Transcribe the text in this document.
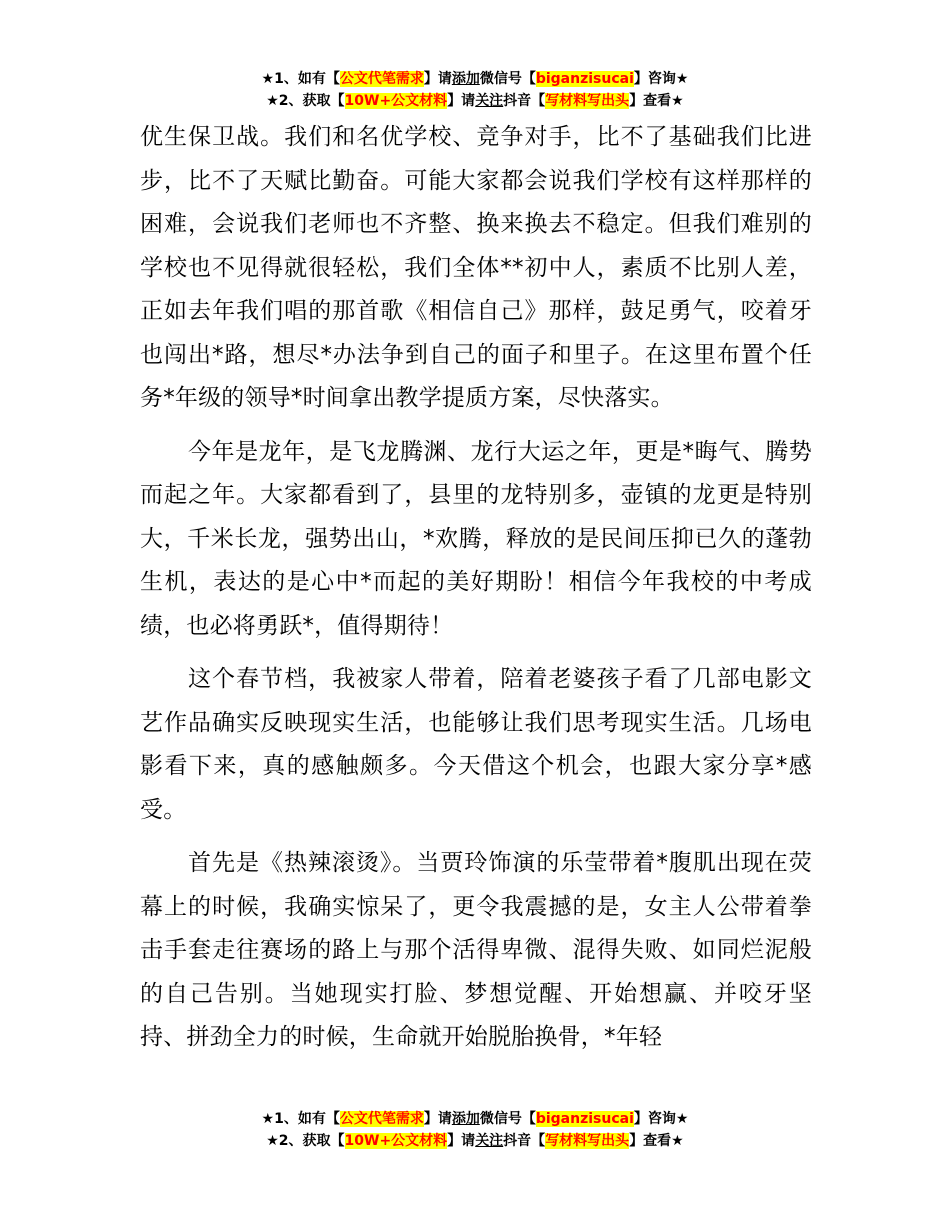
★1、如有【公文代笔需求】请添加微信号【biganzisucai】咨询★
★2、获取【10W+公文材料】请关注抖音【写材料写出头】查看★

优生保卫战。我们和名优学校、竞争对手，比不了基础我们比进步，比不了天赋比勤奋。可能大家都会说我们学校有这样那样的困难，会说我们老师也不齐整、换来换去不稳定。但我们难别的学校也不见得就很轻松，我们全体**初中人，素质不比别人差，正如去年我们唱的那首歌《相信自己》那样，鼓足勇气，咬着牙也闯出*路，想尽*办法争到自己的面子和里子。在这里布置个任务*年级的领导*时间拿出教学提质方案，尽快落实。

今年是龙年，是飞龙腾渊、龙行大运之年，更是*晦气、腾势而起之年。大家都看到了，县里的龙特别多，壶镇的龙更是特别大，千米长龙，强势出山，*欢腾，释放的是民间压抑已久的蓬勃生机，表达的是心中*而起的美好期盼！相信今年我校的中考成绩，也必将勇跃*，值得期待！

这个春节档，我被家人带着，陪着老婆孩子看了几部电影文艺作品确实反映现实生活，也能够让我们思考现实生活。几场电影看下来，真的感触颇多。今天借这个机会，也跟大家分享*感受。

首先是《热辣滚烫》。当贾玲饰演的乐莹带着*腹肌出现在荧幕上的时候，我确实惊呆了，更令我震撼的是，女主人公带着拳击手套走往赛场的路上与那个活得卑微、混得失败、如同烂泥般的自己告别。当她现实打脸、梦想觉醒、开始想赢、并咬牙坚持、拼劲全力的时候，生命就开始脱胎换骨，*年轻

★1、如有【公文代笔需求】请添加微信号【biganzisucai】咨询★
★2、获取【10W+公文材料】请关注抖音【写材料写出头】查看★
